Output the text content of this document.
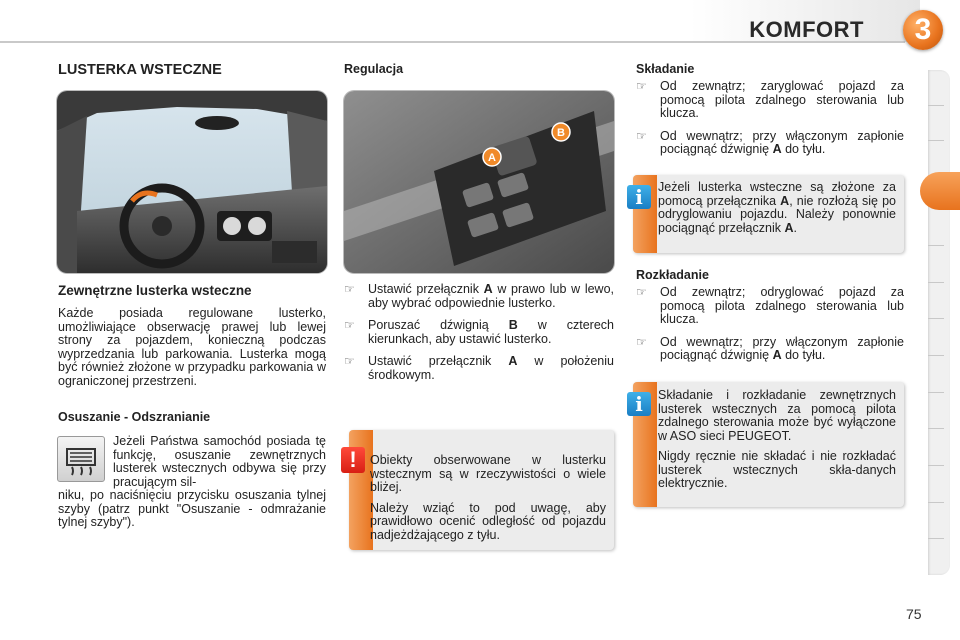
KOMFORT	3
LUSTERKA WSTECZNE
Zewnętrzne lusterka wsteczne
Każde posiada regulowane lusterko, umożliwiające obserwację prawej lub lewej strony za pojazdem, konieczną podczas wyprzedzania lub parkowania. Lusterka mogą być również złożone w przypadku parkowania w ograniczonej przestrzeni.
Osuszanie - Odszranianie
Jeżeli Państwa samochód posiada tę funkcję, osuszanie zewnętrznych lusterek wstecznych odbywa się przy pracującym sil-
niku, po naciśnięciu przycisku osuszania tylnej szyby (patrz punkt "Osuszanie - odmrażanie tylnej szyby").
Regulacja
A
B
☞ Ustawić przełącznik A w prawo lub w lewo, aby wybrać odpowiednie lusterko.
☞ Poruszać dźwignią B w czterech kierunkach, aby ustawić lusterko.
☞ Ustawić przełącznik A w położeniu środkowym.
!	Obiekty obserwowane w lusterku wstecznym są w rzeczywistości o wiele bliżej.

Należy wziąć to pod uwagę, aby prawidłowo ocenić odległość od pojazdu nadjeżdżającego z tyłu.

Składanie
☞ Od zewnątrz; zaryglować pojazd za pomocą pilota zdalnego sterowania lub klucza.
☞ Od wewnątrz; przy włączonym zapłonie pociągnąć dźwignię A do tyłu.
i	Jeżeli lusterka wsteczne są złożone za pomocą przełącznika A, nie rozłożą się po odryglowaniu pojazdu. Należy ponownie pociągnąć przełącznik A.
Rozkładanie
☞ Od zewnątrz; odryglować pojazd za pomocą pilota zdalnego sterowania lub klucza.
☞ Od wewnątrz; przy włączonym zapłonie pociągnąć dźwignię A do tyłu.
i	Składanie i rozkładanie zewnętrznych lusterek wstecznych za pomocą pilota zdalnego sterowania może być wyłączone w ASO sieci PEUGEOT.

Nigdy ręcznie nie składać i nie rozkładać lusterek wstecznych skła-danych elektrycznie.

75
